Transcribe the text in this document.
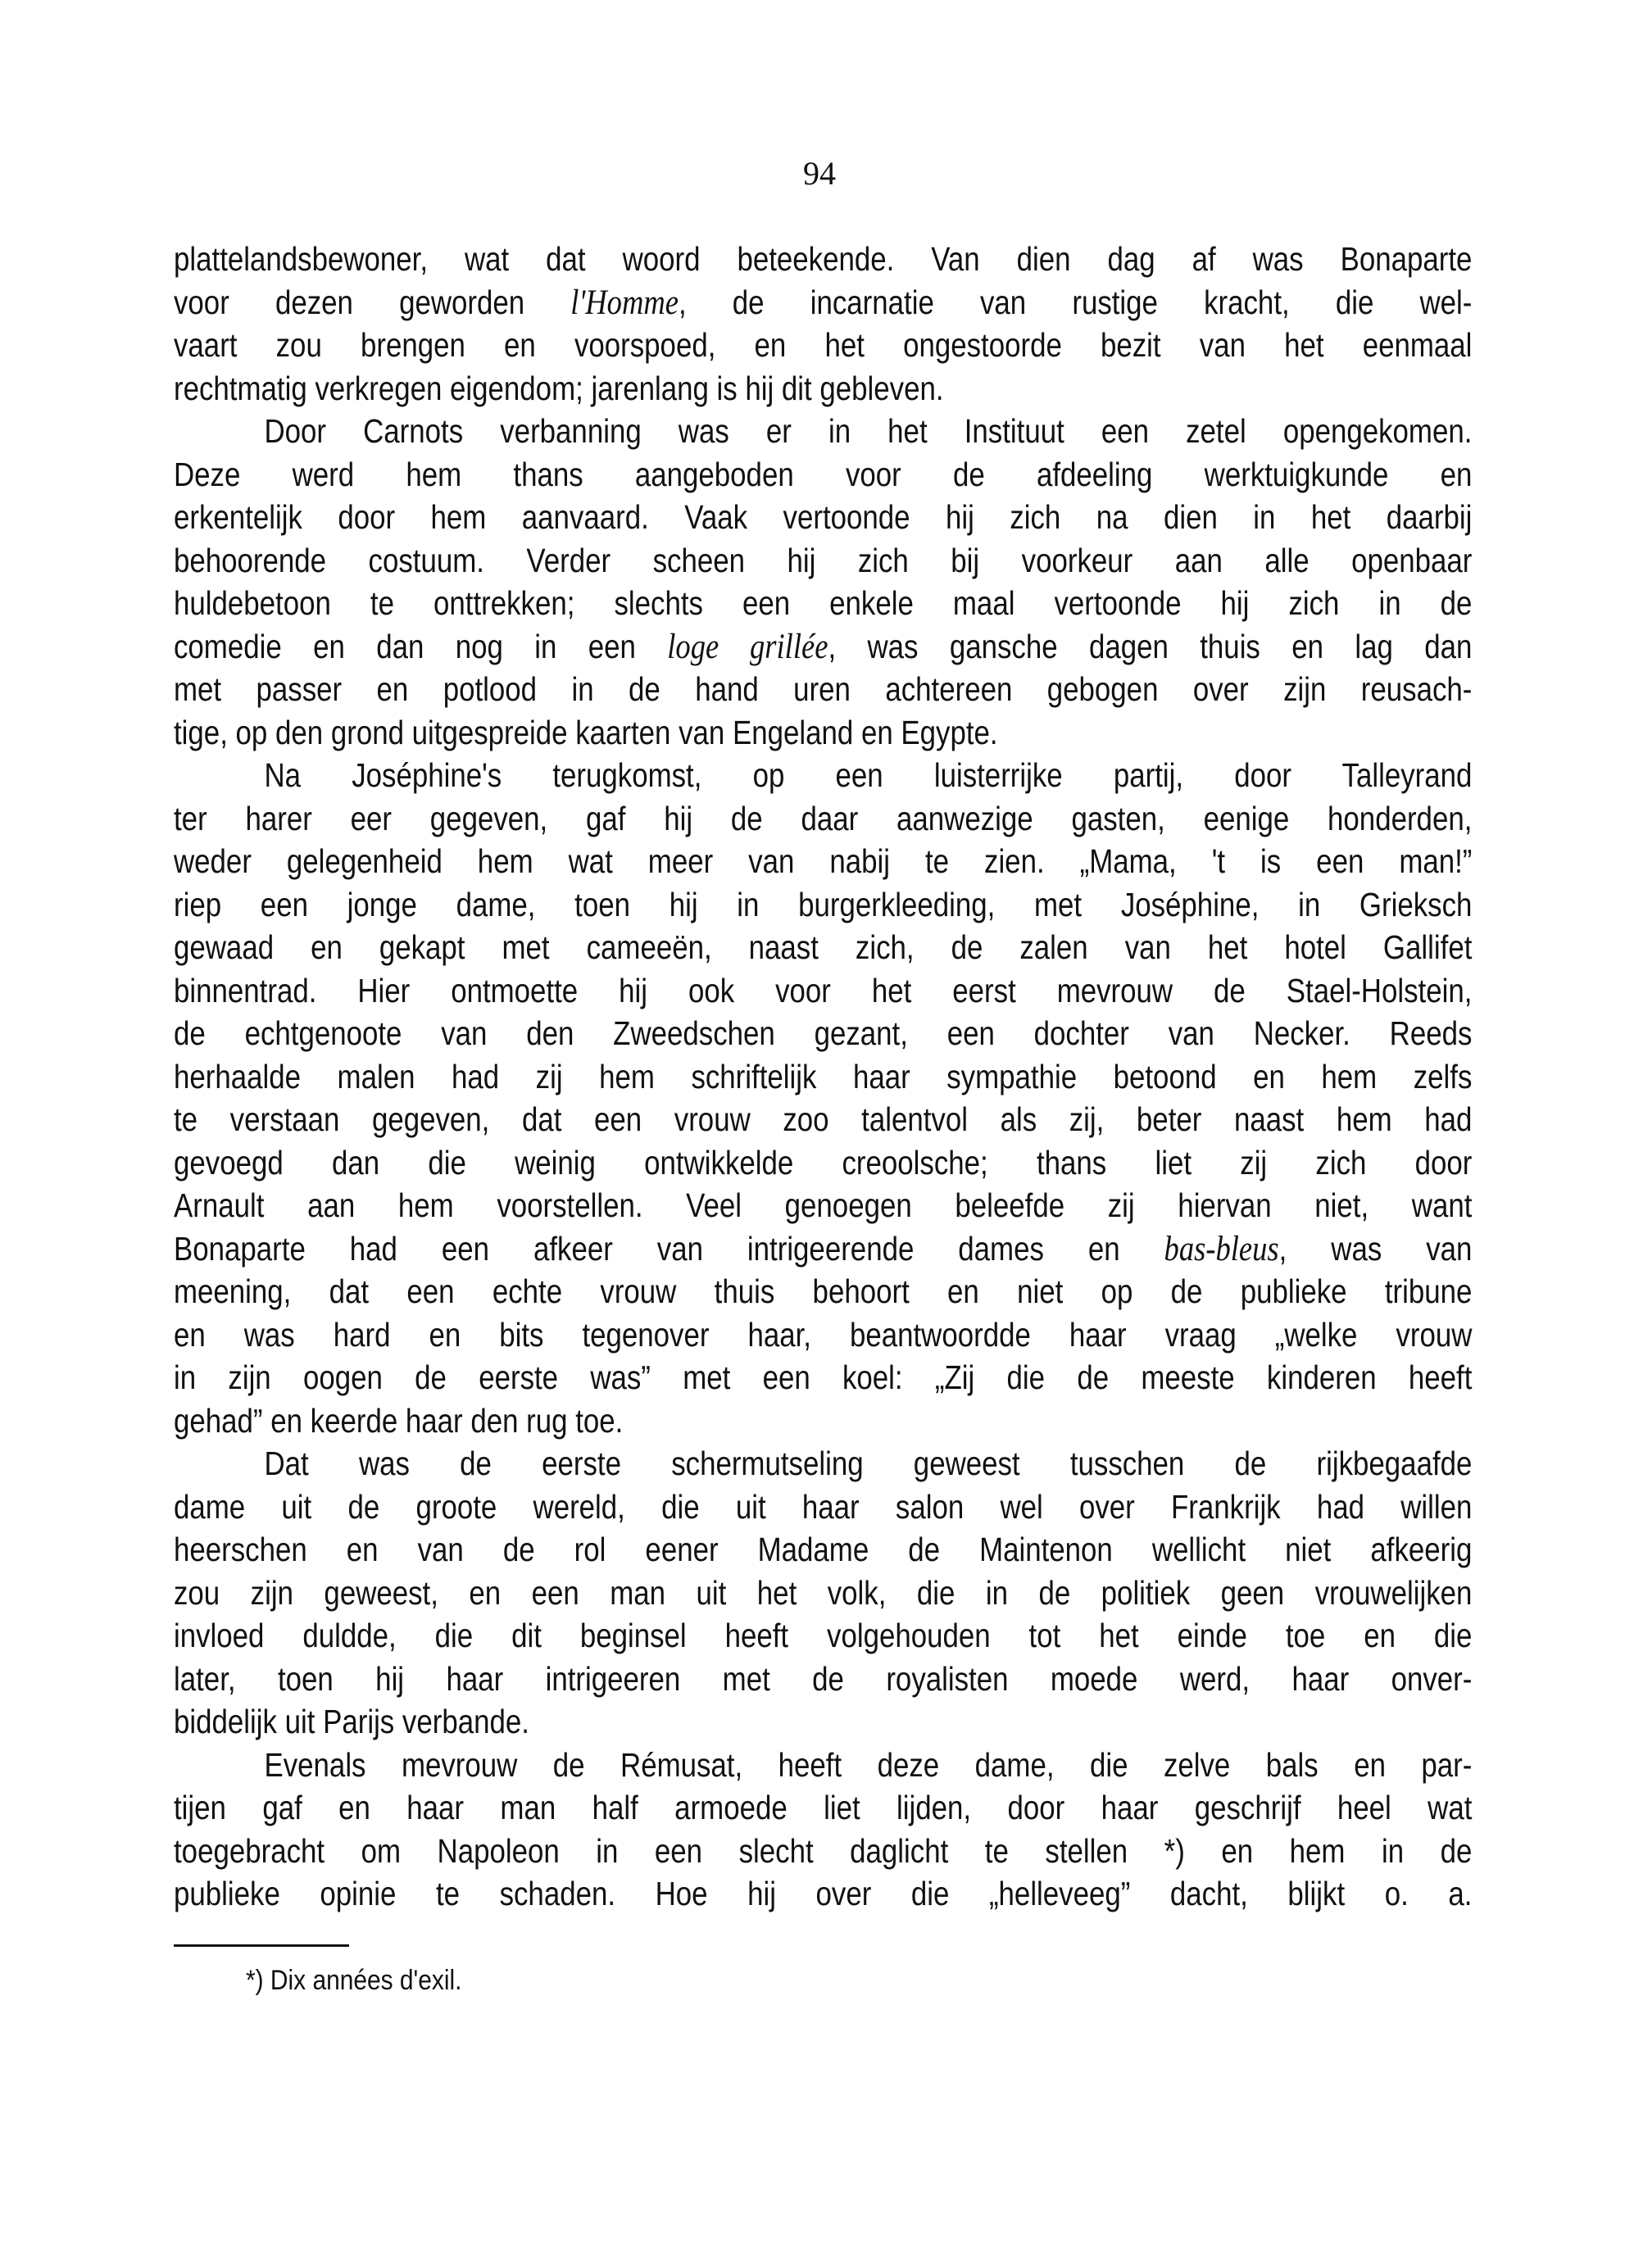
94
plattelandsbewoner, wat dat woord beteekende. Van dien dag af was Bonaparte
voor dezen geworden l'Homme, de incarnatie van rustige kracht, die wel-
vaart zou brengen en voorspoed, en het ongestoorde bezit van het eenmaal
rechtmatig verkregen eigendom; jarenlang is hij dit gebleven.
Door Carnots verbanning was er in het Instituut een zetel opengekomen.
Deze werd hem thans aangeboden voor de afdeeling werktuigkunde en
erkentelijk door hem aanvaard. Vaak vertoonde hij zich na dien in het daarbij
behoorende costuum. Verder scheen hij zich bij voorkeur aan alle openbaar
huldebetoon te onttrekken; slechts een enkele maal vertoonde hij zich in de
comedie en dan nog in een loge grillée, was gansche dagen thuis en lag dan
met passer en potlood in de hand uren achtereen gebogen over zijn reusach-
tige, op den grond uitgespreide kaarten van Engeland en Egypte.
Na Joséphine's terugkomst, op een luisterrijke partij, door Talleyrand
ter harer eer gegeven, gaf hij de daar aanwezige gasten, eenige honderden,
weder gelegenheid hem wat meer van nabij te zien. „Mama, 't is een man!”
riep een jonge dame, toen hij in burgerkleeding, met Joséphine, in Grieksch
gewaad en gekapt met cameeën, naast zich, de zalen van het hotel Gallifet
binnentrad. Hier ontmoette hij ook voor het eerst mevrouw de Stael-Holstein,
de echtgenoote van den Zweedschen gezant, een dochter van Necker. Reeds
herhaalde malen had zij hem schriftelijk haar sympathie betoond en hem zelfs
te verstaan gegeven, dat een vrouw zoo talentvol als zij, beter naast hem had
gevoegd dan die weinig ontwikkelde creoolsche; thans liet zij zich door
Arnault aan hem voorstellen. Veel genoegen beleefde zij hiervan niet, want
Bonaparte had een afkeer van intrigeerende dames en bas-bleus, was van
meening, dat een echte vrouw thuis behoort en niet op de publieke tribune
en was hard en bits tegenover haar, beantwoordde haar vraag „welke vrouw
in zijn oogen de eerste was” met een koel: „Zij die de meeste kinderen heeft
gehad” en keerde haar den rug toe.
Dat was de eerste schermutseling geweest tusschen de rijkbegaafde
dame uit de groote wereld, die uit haar salon wel over Frankrijk had willen
heerschen en van de rol eener Madame de Maintenon wellicht niet afkeerig
zou zijn geweest, en een man uit het volk, die in de politiek geen vrouwelijken
invloed duldde, die dit beginsel heeft volgehouden tot het einde toe en die
later, toen hij haar intrigeeren met de royalisten moede werd, haar onver-
biddelijk uit Parijs verbande.
Evenals mevrouw de Rémusat, heeft deze dame, die zelve bals en par-
tijen gaf en haar man half armoede liet lijden, door haar geschrijf heel wat
toegebracht om Napoleon in een slecht daglicht te stellen *) en hem in de
publieke opinie te schaden. Hoe hij over die „helleveeg” dacht, blijkt o. a.
*) Dix années d'exil.
